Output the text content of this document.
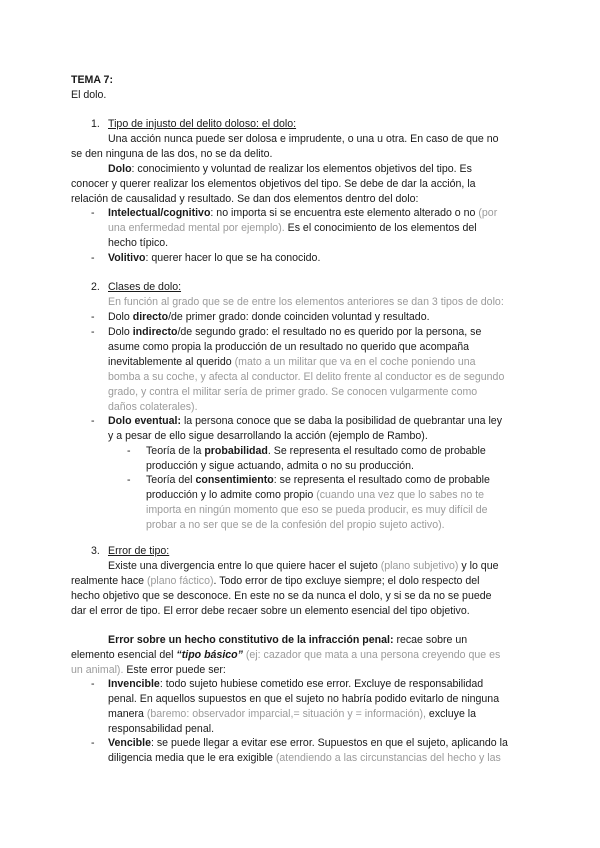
TEMA 7:
El dolo.
1. Tipo de injusto del delito doloso: el dolo:
Una acción nunca puede ser dolosa e imprudente, o una u otra. En caso de que no
se den ninguna de las dos, no se da delito.
Dolo: conocimiento y voluntad de realizar los elementos objetivos del tipo. Es
conocer y querer realizar los elementos objetivos del tipo. Se debe de dar la acción, la
relación de causalidad y resultado. Se dan dos elementos dentro del dolo:
- Intelectual/cognitivo: no importa si se encuentra este elemento alterado o no (por
una enfermedad mental por ejemplo). Es el conocimiento de los elementos del
hecho típico.
- Volitivo: querer hacer lo que se ha conocido.
2. Clases de dolo:
En función al grado que se de entre los elementos anteriores se dan 3 tipos de dolo:
- Dolo directo/de primer grado: donde coinciden voluntad y resultado.
- Dolo indirecto/de segundo grado: el resultado no es querido por la persona, se
asume como propia la producción de un resultado no querido que acompaña
inevitablemente al querido (mato a un militar que va en el coche poniendo una
bomba a su coche, y afecta al conductor. El delito frente al conductor es de segundo
grado, y contra el militar sería de primer grado. Se conocen vulgarmente como
daños colaterales).
- Dolo eventual: la persona conoce que se daba la posibilidad de quebrantar una ley
y a pesar de ello sigue desarrollando la acción (ejemplo de Rambo).
- Teoría de la probabilidad. Se representa el resultado como de probable
producción y sigue actuando, admita o no su producción.
- Teoría del consentimiento: se representa el resultado como de probable
producción y lo admite como propio (cuando una vez que lo sabes no te
importa en ningún momento que eso se pueda producir, es muy difícil de
probar a no ser que se de la confesión del propio sujeto activo).
3. Error de tipo:
Existe una divergencia entre lo que quiere hacer el sujeto (plano subjetivo) y lo que
realmente hace (plano fáctico). Todo error de tipo excluye siempre; el dolo respecto del
hecho objetivo que se desconoce. En este no se da nunca el dolo, y si se da no se puede
dar el error de tipo. El error debe recaer sobre un elemento esencial del tipo objetivo.
Error sobre un hecho constitutivo de la infracción penal: recae sobre un
elemento esencial del “tipo básico” (ej: cazador que mata a una persona creyendo que es
un animal). Este error puede ser:
- Invencible: todo sujeto hubiese cometido ese error. Excluye de responsabilidad
penal. En aquellos supuestos en que el sujeto no habría podido evitarlo de ninguna
manera (baremo: observador imparcial,= situación y = información), excluye la
responsabilidad penal.
- Vencible: se puede llegar a evitar ese error. Supuestos en que el sujeto, aplicando la
diligencia media que le era exigible (atendiendo a las circunstancias del hecho y las
